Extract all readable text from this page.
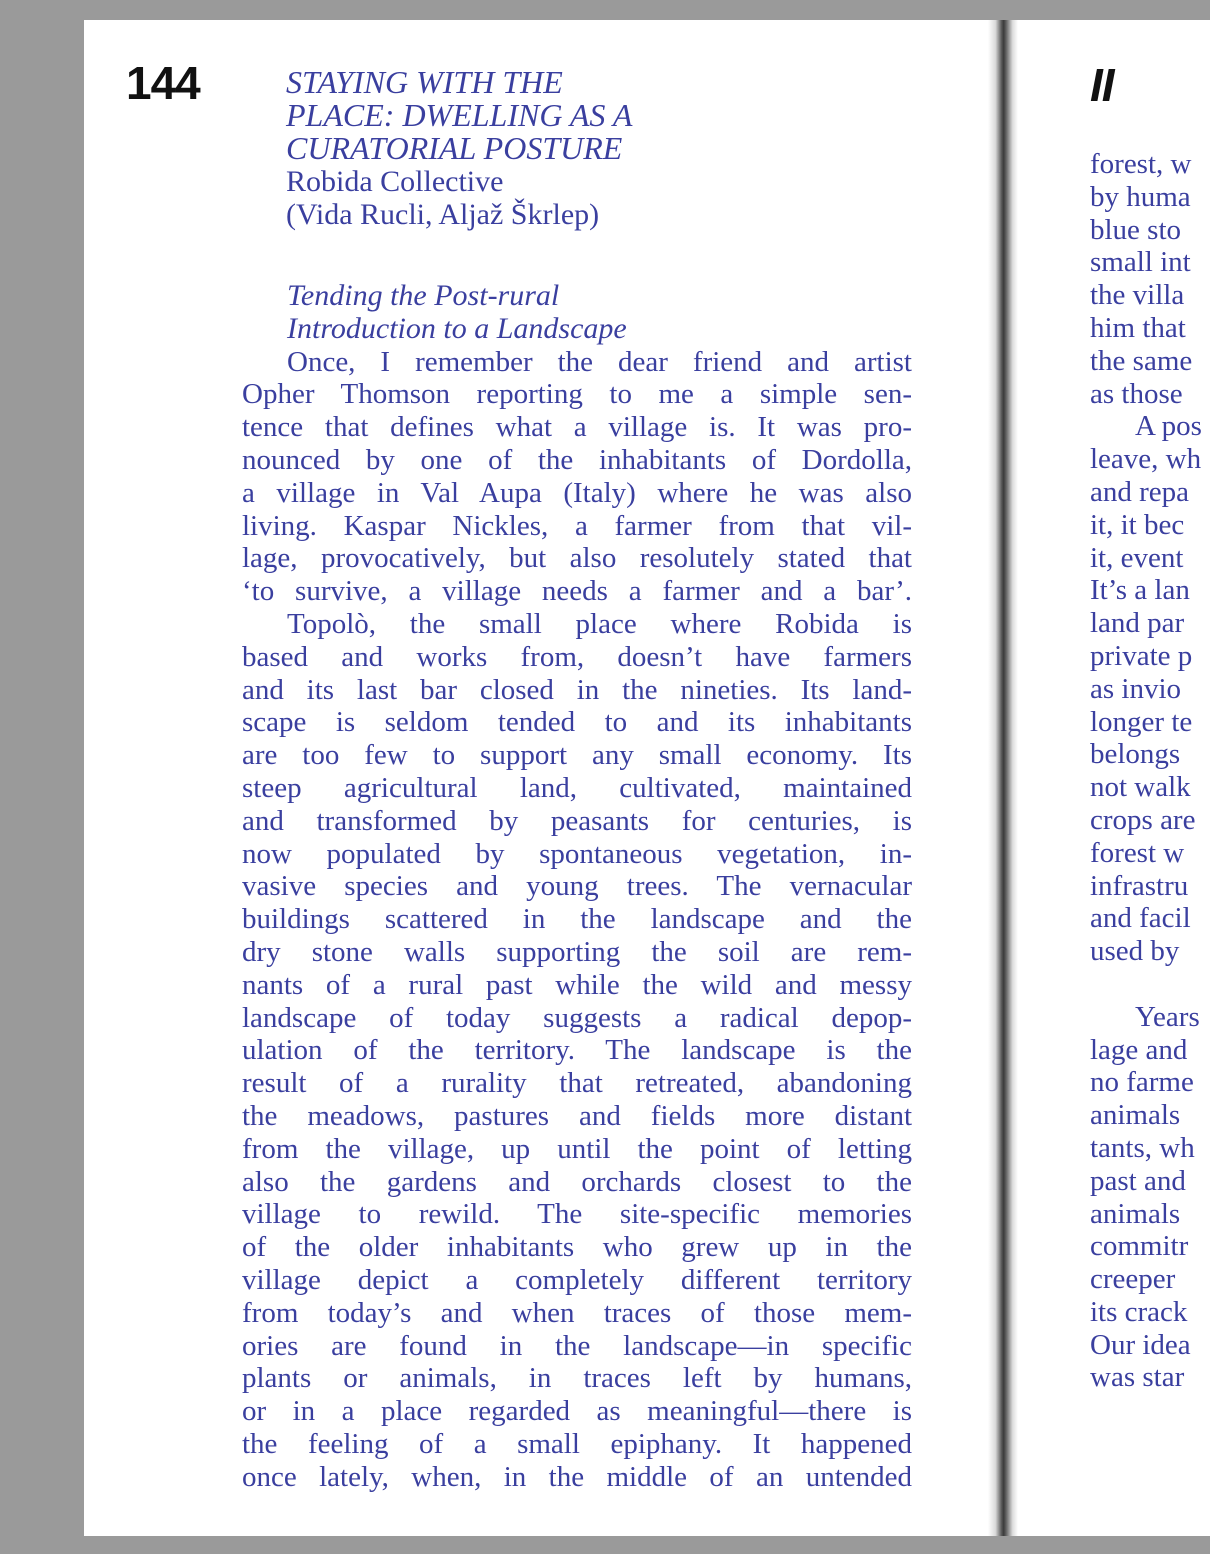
144	STAYING WITH THE
PLACE: DWELLING AS A
CURATORIAL POSTURE
Robida Collective
(Vida Rucli, Aljaž Škrlep)
Tending the Post-rural
Introduction to a Landscape
Once, I remember the dear friend and artist
Opher Thomson reporting to me a simple sen-
tence that defines what a village is. It was pro-
nounced by one of the inhabitants of Dordolla,
a village in Val Aupa (Italy) where he was also
living. Kaspar Nickles, a farmer from that vil-
lage, provocatively, but also resolutely stated that
‘to survive, a village needs a farmer and a bar’.
Topolò, the small place where Robida is
based and works from, doesn’t have farmers
and its last bar closed in the nineties. Its land-
scape is seldom tended to and its inhabitants
are too few to support any small economy. Its
steep agricultural land, cultivated, maintained
and transformed by peasants for centuries, is
now populated by spontaneous vegetation, in-
vasive species and young trees. The vernacular
buildings scattered in the landscape and the
dry stone walls supporting the soil are rem-
nants of a rural past while the wild and messy
landscape of today suggests a radical depop-
ulation of the territory. The landscape is the
result of a rurality that retreated, abandoning
the meadows, pastures and fields more distant
from the village, up until the point of letting
also the gardens and orchards closest to the
village to rewild. The site-specific memories
of the older inhabitants who grew up in the
village depict a completely different territory
from today’s and when traces of those mem-
ories are found in the landscape—in specific
plants or animals, in traces left by humans,
or in a place regarded as meaningful—there is
the feeling of a small epiphany. It happened
once lately, when, in the middle of an untended
II
forest, w
by huma
blue sto
small int
the villa
him that
the same
as those
A pos
leave, wh
and repa
it, it bec
it, event
It’s a lan
land par
private p
as invio
longer te
belongs
not walk
crops are
forest w
infrastru
and facil
used by
Years
lage and
no farme
animals
tants, wh
past and
animals
commitr
creeper
its crack
Our idea
was star
